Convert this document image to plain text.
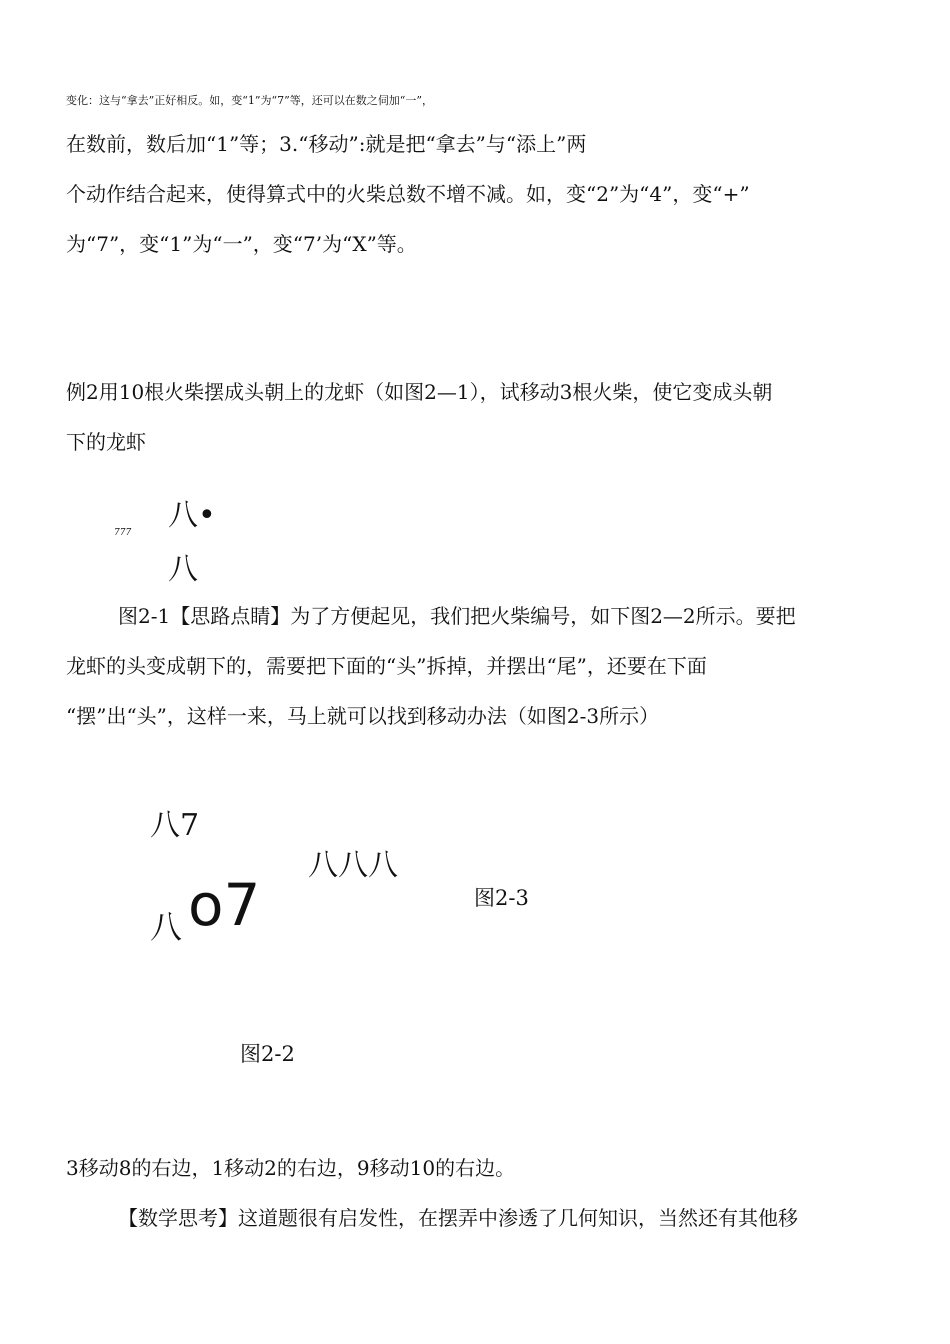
变化：这与“拿去”正好相反。如，变“1”为“7”等，还可以在数之伺加“一”，
在数前，数后加“1”等；3.“移动”:就是把“拿去”与“添上”两
个动作结合起来，使得算式中的火柴总数不增不减。如，变“2”为“4”，变“+”
为“7”，变“1”为“一”，变“7’为“X”等。
例2用10根火柴摆成头朝上的龙虾（如图2—1），试移动3根火柴，使它变成头朝
下的龙虾
八•
777
八
图2-1【思路点睛】为了方便起见，我们把火柴编号，如下图2—2所示。要把
龙虾的头变成朝下的，需要把下面的“头”拆掉，并摆出“尾”，还要在下面
“摆”出“头”，这样一来，马上就可以找到移动办法（如图2-3所示）
八7
八八八
图2-3
八 o7
图2-2
3移动8的右边，1移动2的右边，9移动10的右边。
【数学思考】这道题很有启发性，在摆弄中渗透了几何知识，当然还有其他移
